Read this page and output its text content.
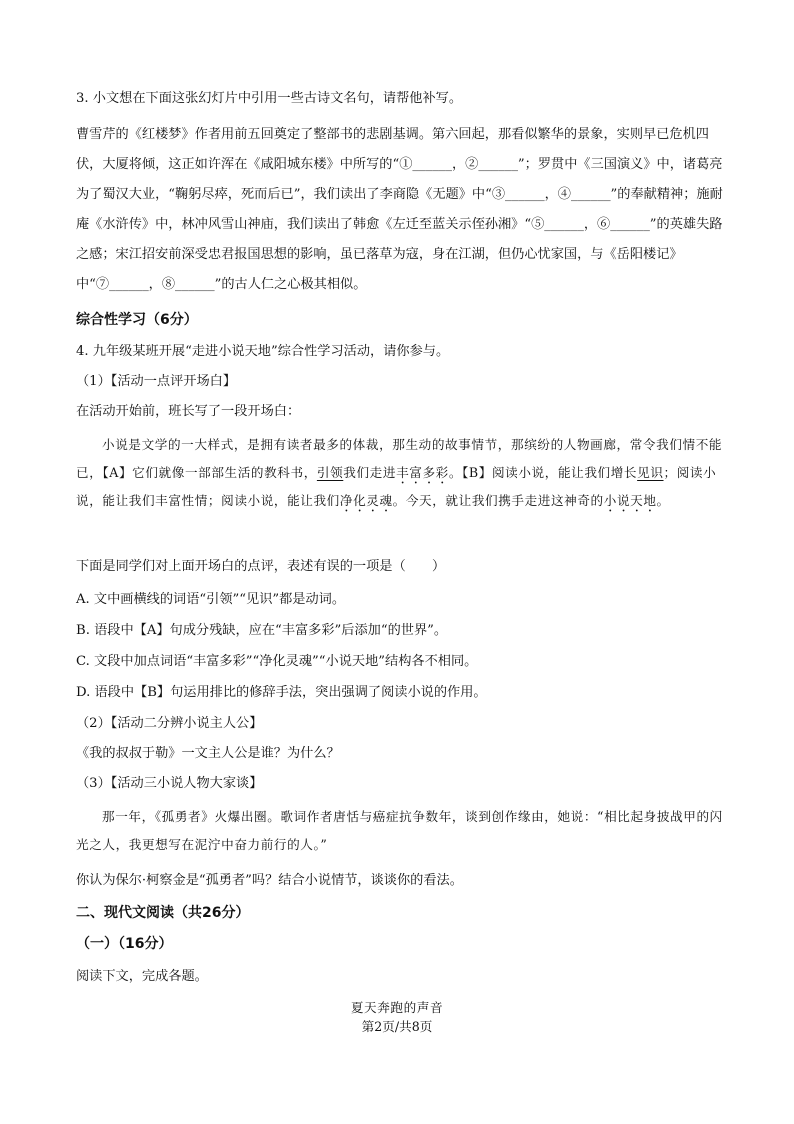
3. 小文想在下面这张幻灯片中引用一些古诗文名句，请帮他补写。

曹雪芹的《红楼梦》作者用前五回奠定了整部书的悲剧基调。第六回起，那看似繁华的景象，实则早已危机四伏，大厦将倾，这正如许浑在《咸阳城东楼》中所写的“①______，②______”；罗贯中《三国演义》中，诸葛亮为了蜀汉大业，“鞠躬尽瘁，死而后已”，我们读出了李商隐《无题》中“③______，④______”的奉献精神；施耐庵《水浒传》中，林冲风雪山神庙，我们读出了韩愈《左迁至蓝关示侄孙湘》“⑤______，⑥______”的英雄失路之感；宋江招安前深受忠君报国思想的影响，虽已落草为寇，身在江湖，但仍心忧家国，与《岳阳楼记》中“⑦______，⑧______”的古人仁之心极其相似。

综合性学习（6分）

4. 九年级某班开展“走进小说天地”综合性学习活动，请你参与。

（1）【活动一点评开场白】

在活动开始前，班长写了一段开场白：

小说是文学的一大样式，是拥有读者最多的体裁，那生动的故事情节，那缤纷的人物画廊，常令我们情不能已，【A】它们就像一部部生活的教科书，引领我们走进丰富多彩。【B】阅读小说，能让我们增长见识；阅读小说，能让我们丰富性情；阅读小说，能让我们净化灵魂。今天，就让我们携手走进这神奇的小说天地。

下面是同学们对上面开场白的点评，表述有误的一项是（　　）

A. 文中画横线的词语“引领”“见识”都是动词。

B. 语段中【A】句成分残缺，应在“丰富多彩”后添加“的世界”。

C. 文段中加点词语“丰富多彩”“净化灵魂”“小说天地”结构各不相同。

D. 语段中【B】句运用排比的修辞手法，突出强调了阅读小说的作用。

（2）【活动二分辨小说主人公】

《我的叔叔于勒》一文主人公是谁？为什么？

（3）【活动三小说人物大家谈】

那一年，《孤勇者》火爆出圈。歌词作者唐恬与癌症抗争数年，谈到创作缘由，她说：“相比起身披战甲的闪光之人，我更想写在泥泞中奋力前行的人。”

你认为保尔·柯察金是“孤勇者”吗？结合小说情节，谈谈你的看法。

二、现代文阅读（共26分）

（一）（16分）

阅读下文，完成各题。

夏天奔跑的声音
第2页/共8页
